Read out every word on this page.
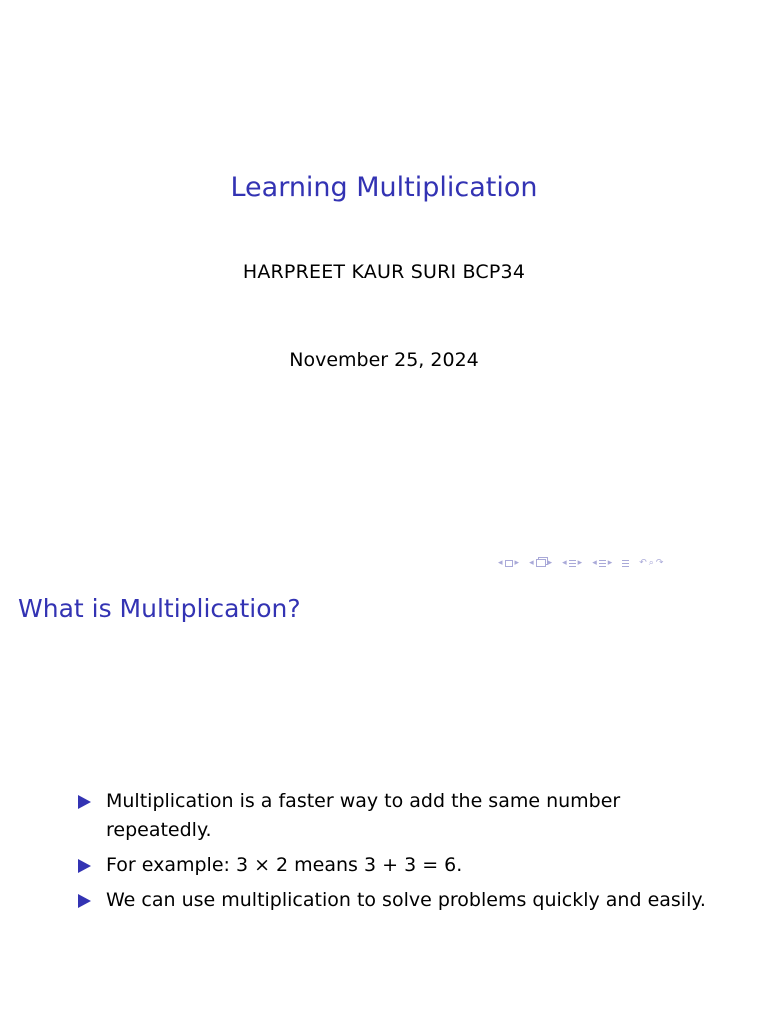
Learning Multiplication
HARPREET KAUR SURI BCP34
November 25, 2024
◂ ▸ ◂ ▸ ◂ ▸ ◂ ▸	↶ ⌕ ↷
What is Multiplication?
Multiplication is a faster way to add the same number repeatedly.
For example: 3 × 2 means 3 + 3 = 6.
We can use multiplication to solve problems quickly and easily.
